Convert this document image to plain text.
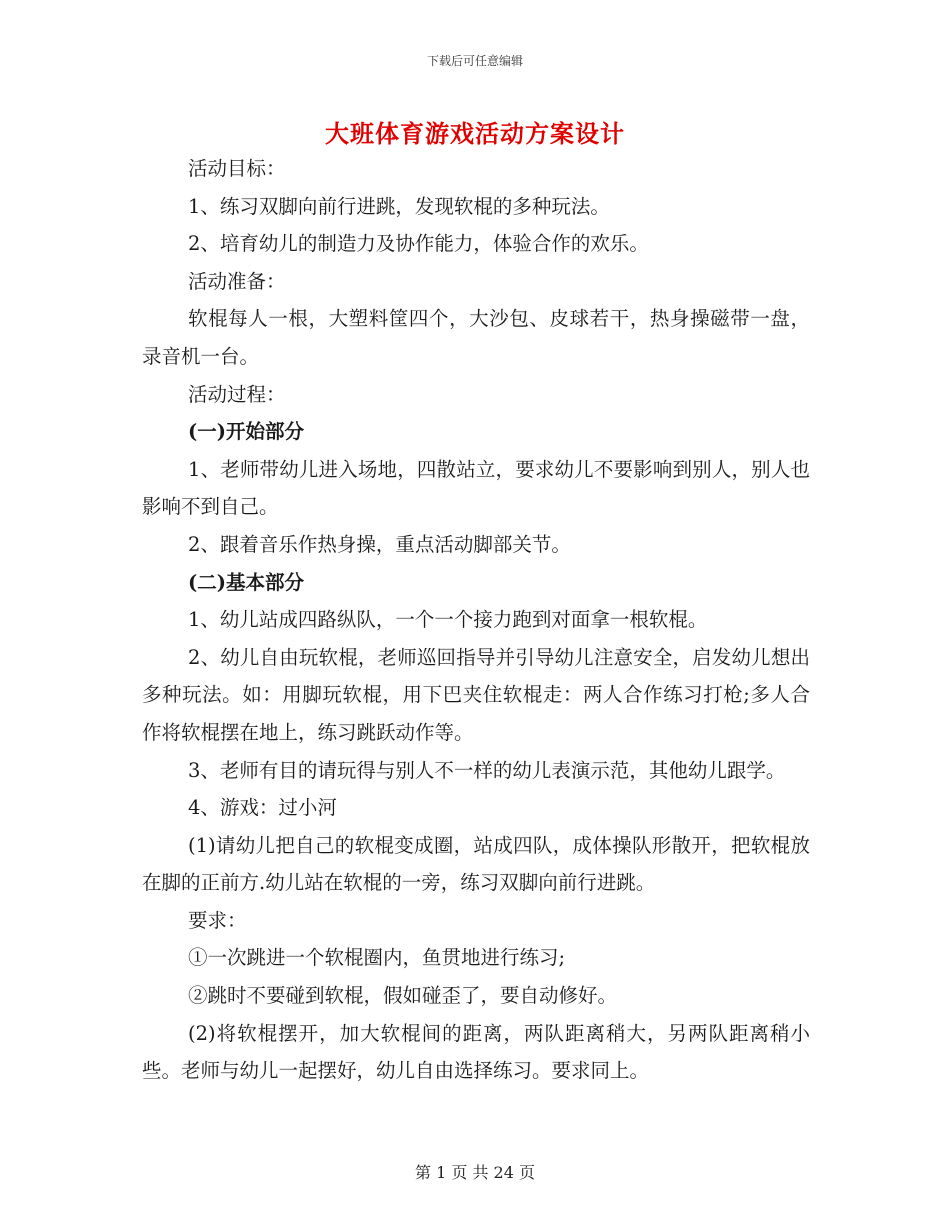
下载后可任意编辑
大班体育游戏活动方案设计

活动目标：

1、练习双脚向前行进跳，发现软棍的多种玩法。

2、培育幼儿的制造力及协作能力，体验合作的欢乐。

活动准备：

软棍每人一根，大塑料筐四个，大沙包、皮球若干，热身操磁带一盘，录音机一台。

活动过程：

(一)开始部分

1、老师带幼儿进入场地，四散站立，要求幼儿不要影响到别人，别人也影响不到自己。

2、跟着音乐作热身操，重点活动脚部关节。

(二)基本部分

1、幼儿站成四路纵队，一个一个接力跑到对面拿一根软棍。

2、幼儿自由玩软棍，老师巡回指导并引导幼儿注意安全，启发幼儿想出多种玩法。如：用脚玩软棍，用下巴夹住软棍走：两人合作练习打枪;多人合作将软棍摆在地上，练习跳跃动作等。

3、老师有目的请玩得与别人不一样的幼儿表演示范，其他幼儿跟学。

4、游戏：过小河

(1)请幼儿把自己的软棍变成圈，站成四队，成体操队形散开，把软棍放在脚的正前方.幼儿站在软棍的一旁，练习双脚向前行进跳。

要求：

①一次跳进一个软棍圈内，鱼贯地进行练习;

②跳时不要碰到软棍，假如碰歪了，要自动修好。

(2)将软棍摆开，加大软棍间的距离，两队距离稍大，另两队距离稍小些。老师与幼儿一起摆好，幼儿自由选择练习。要求同上。

第 1 页 共 24 页
